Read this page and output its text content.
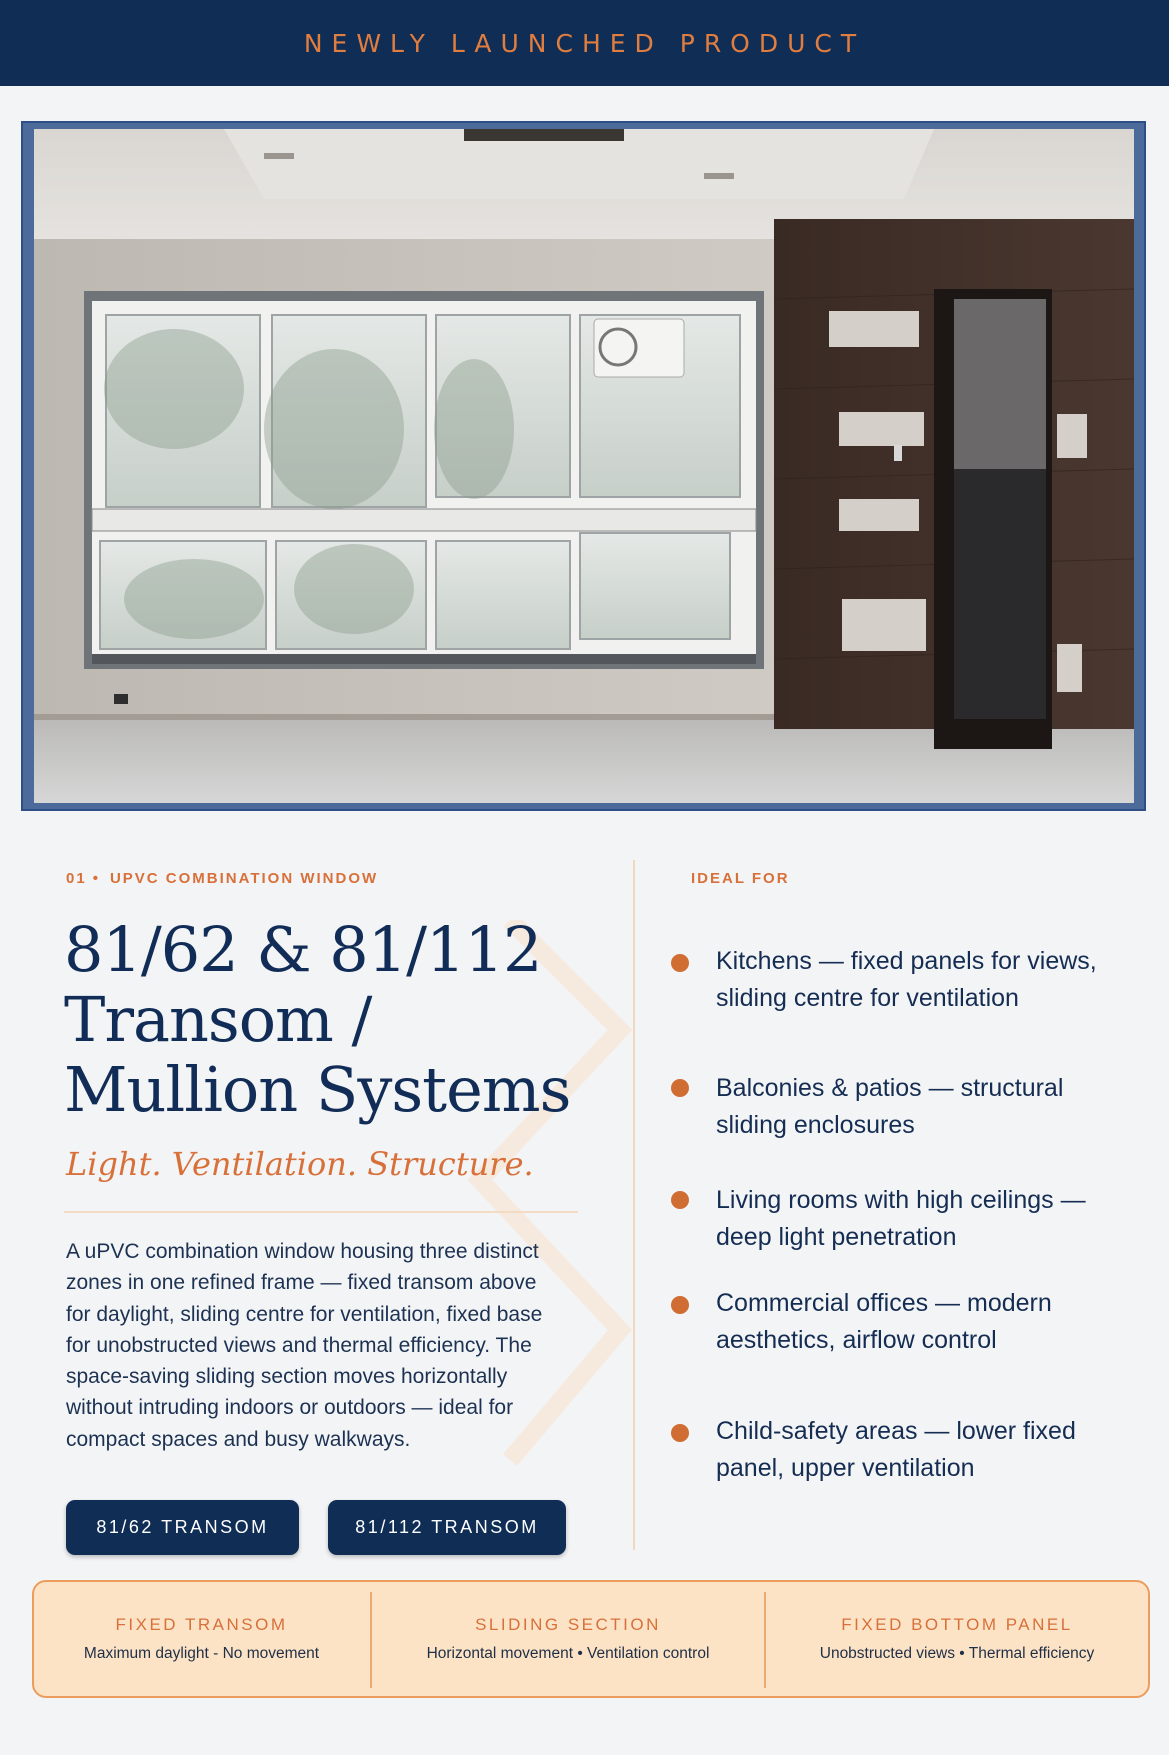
NEWLY LAUNCHED PRODUCT
01 • UPVC COMBINATION WINDOW
81/62 & 81/112
Transom /
Mullion Systems
Light. Ventilation. Structure.
A uPVC combination window housing three distinct zones in one refined frame — fixed transom above for daylight, sliding centre for ventilation, fixed base for unobstructed views and thermal efficiency. The space-saving sliding section moves horizontally without intruding indoors or outdoors — ideal for compact spaces and busy walkways.
81/62 TRANSOM	81/112 TRANSOM
IDEAL FOR
Kitchens — fixed panels for views, sliding centre for ventilation
Balconies & patios — structural sliding enclosures
Living rooms with high ceilings — deep light penetration
Commercial offices — modern aesthetics, airflow control
Child-safety areas — lower fixed panel, upper ventilation
FIXED TRANSOM
Maximum daylight - No movement
SLIDING SECTION
Horizontal movement • Ventilation control
FIXED BOTTOM PANEL
Unobstructed views • Thermal efficiency
